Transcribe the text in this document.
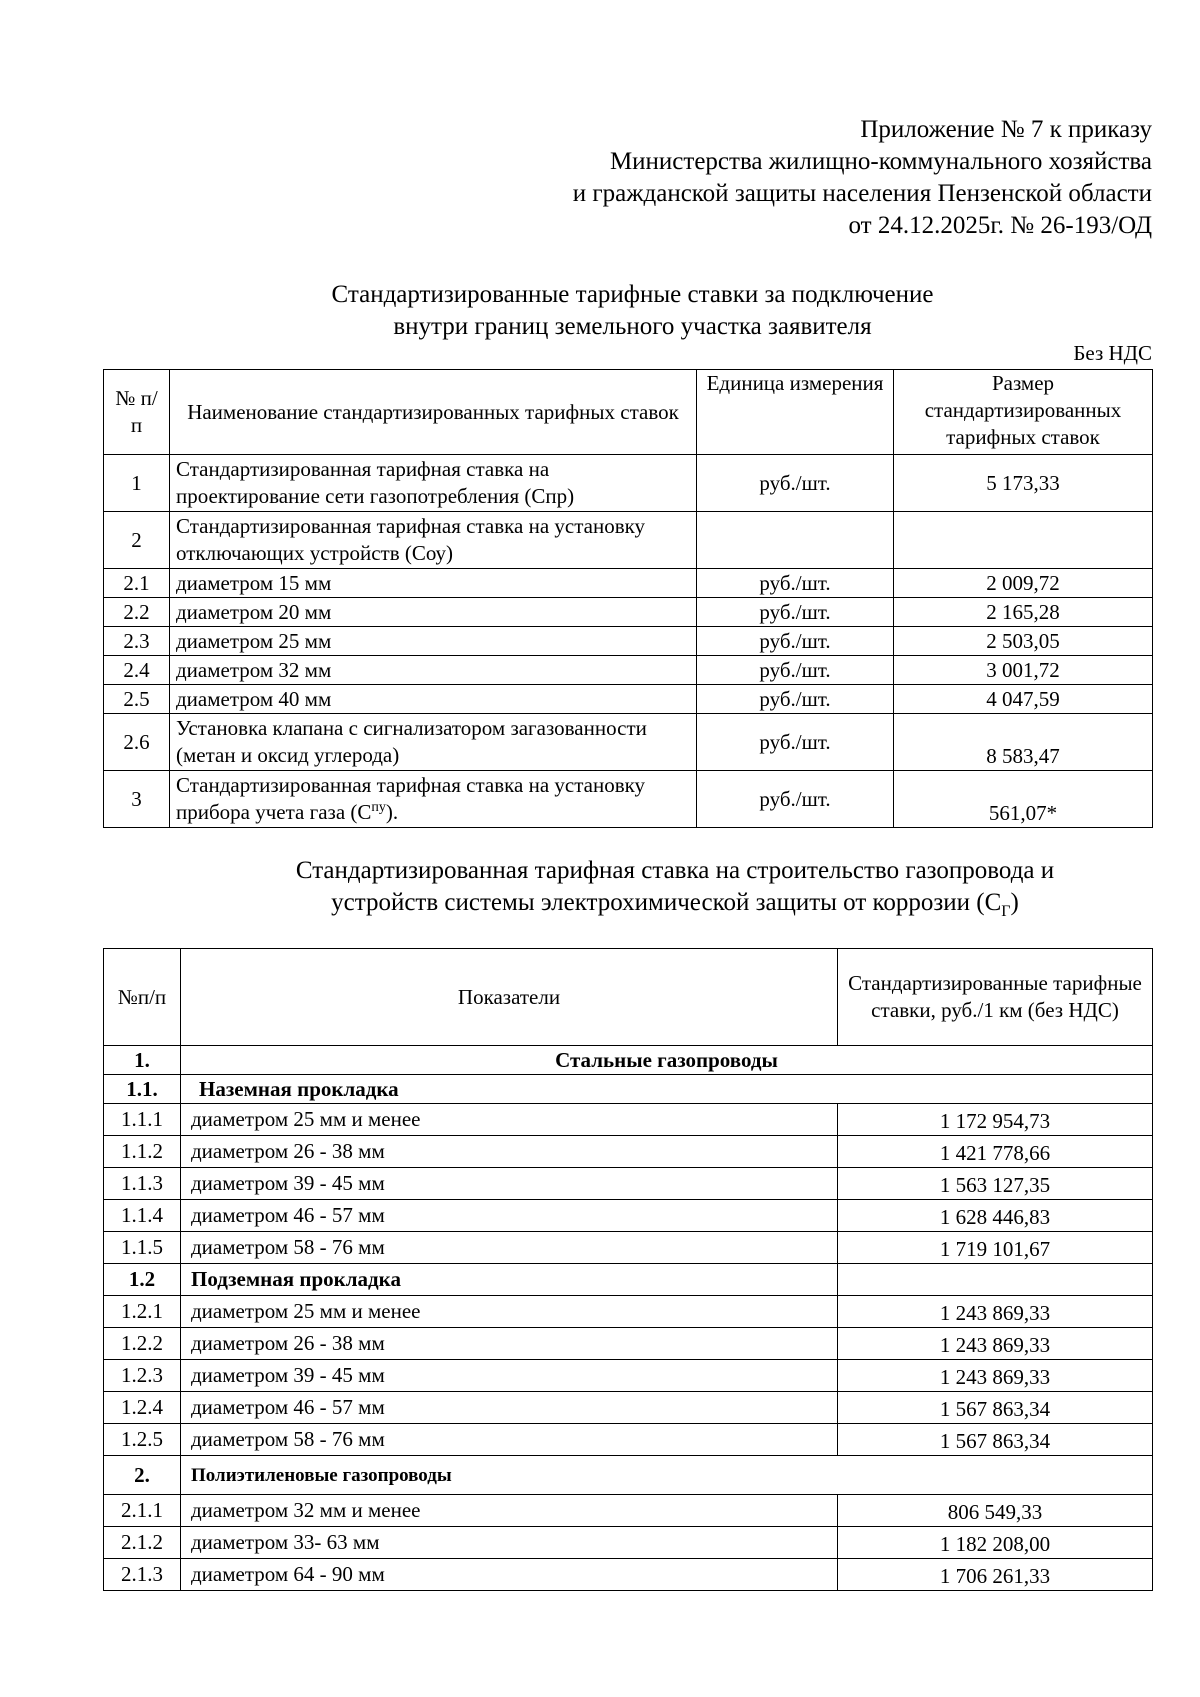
Приложение № 7 к приказу
Министерства жилищно-коммунального хозяйства
и гражданской защиты населения Пензенской области
от 24.12.2025г. № 26-193/ОД
Стандартизированные тарифные ставки за подключение
внутри границ земельного участка заявителя
Без НДС
№ п/п	Наименование стандартизированных тарифных ставок	Единица измерения	Размер стандартизированных тарифных ставок
1	Стандартизированная тарифная ставка на проектирование сети газопотребления (Спр)	руб./шт.	5 173,33
2	Стандартизированная тарифная ставка на установку отключающих устройств (Соу)		
2.1	диаметром 15 мм	руб./шт.	2 009,72
2.2	диаметром 20 мм	руб./шт.	2 165,28
2.3	диаметром 25 мм	руб./шт.	2 503,05
2.4	диаметром 32 мм	руб./шт.	3 001,72
2.5	диаметром 40 мм	руб./шт.	4 047,59
2.6	Установка клапана с сигнализатором загазованности (метан и оксид углерода)	руб./шт.	8 583,47
3	Стандартизированная тарифная ставка на установку прибора учета газа $(С^{пу})$.	руб./шт.	561,07*
Стандартизированная тарифная ставка на строительство газопровода и
устройств системы электрохимической защиты от коррозии $(С_Г)$
№п/п	Показатели	Стандартизированные тарифные ставки, руб./1 км (без НДС)
1.	Стальные газопроводы	
1.1.	Наземная прокладка	
1.1.1	диаметром 25 мм и менее	1 172 954,73
1.1.2	диаметром 26 - 38 мм	1 421 778,66
1.1.3	диаметром 39 - 45 мм	1 563 127,35
1.1.4	диаметром 46 - 57 мм	1 628 446,83
1.1.5	диаметром 58 - 76 мм	1 719 101,67
1.2	Подземная прокладка	
1.2.1	диаметром 25 мм и менее	1 243 869,33
1.2.2	диаметром 26 - 38 мм	1 243 869,33
1.2.3	диаметром 39 - 45 мм	1 243 869,33
1.2.4	диаметром 46 - 57 мм	1 567 863,34
1.2.5	диаметром 58 - 76 мм	1 567 863,34
2.	Полиэтиленовые газопроводы	
2.1.1	диаметром 32 мм и менее	806 549,33
2.1.2	диаметром 33- 63 мм	1 182 208,00
2.1.3	диаметром 64 - 90 мм	1 706 261,33
